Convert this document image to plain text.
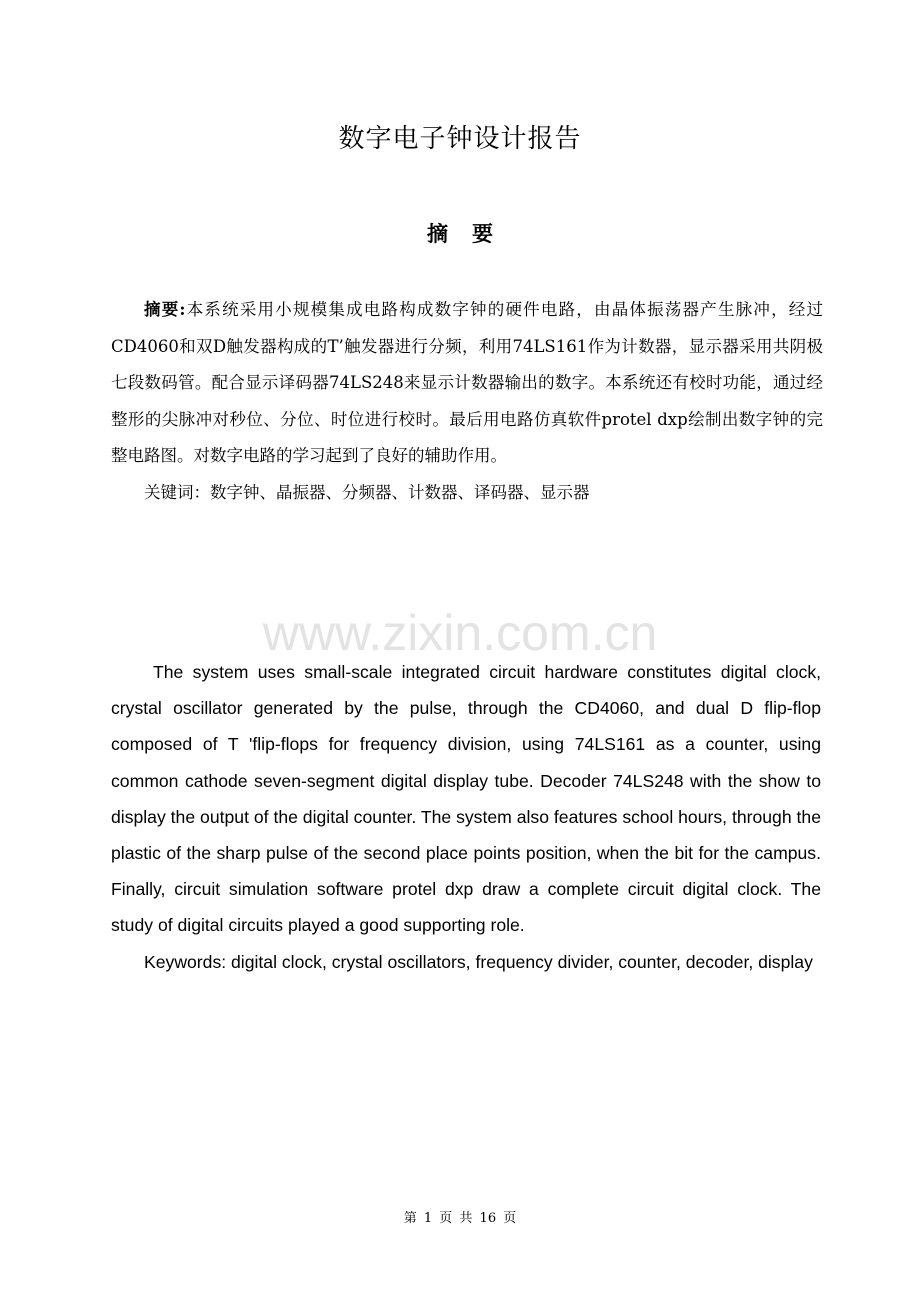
数字电子钟设计报告
摘 要

摘要:本系统采用小规模集成电路构成数字钟的硬件电路，由晶体振荡器产生脉冲，经过CD4060和双D触发器构成的T’触发器进行分频，利用74LS161作为计数器，显示器采用共阴极七段数码管。配合显示译码器74LS248来显示计数器输出的数字。本系统还有校时功能，通过经整形的尖脉冲对秒位、分位、时位进行校时。最后用电路仿真软件protel dxp绘制出数字钟的完整电路图。对数字电路的学习起到了良好的辅助作用。

关键词：数字钟、晶振器、分频器、计数器、译码器、显示器

www.zixin.com.cn

The system uses small-scale integrated circuit hardware constitutes digital clock, crystal oscillator generated by the pulse, through the CD4060, and dual D flip-flop composed of T 'flip-flops for frequency division, using 74LS161 as a counter, using common cathode seven-segment digital display tube. Decoder 74LS248 with the show to display the output of the digital counter. The system also features school hours, through the plastic of the sharp pulse of the second place points position, when the bit for the campus. Finally, circuit simulation software protel dxp draw a complete circuit digital clock. The study of digital circuits played a good supporting role.

Keywords: digital clock, crystal oscillators, frequency divider, counter, decoder, display

第 1 页 共 16 页
